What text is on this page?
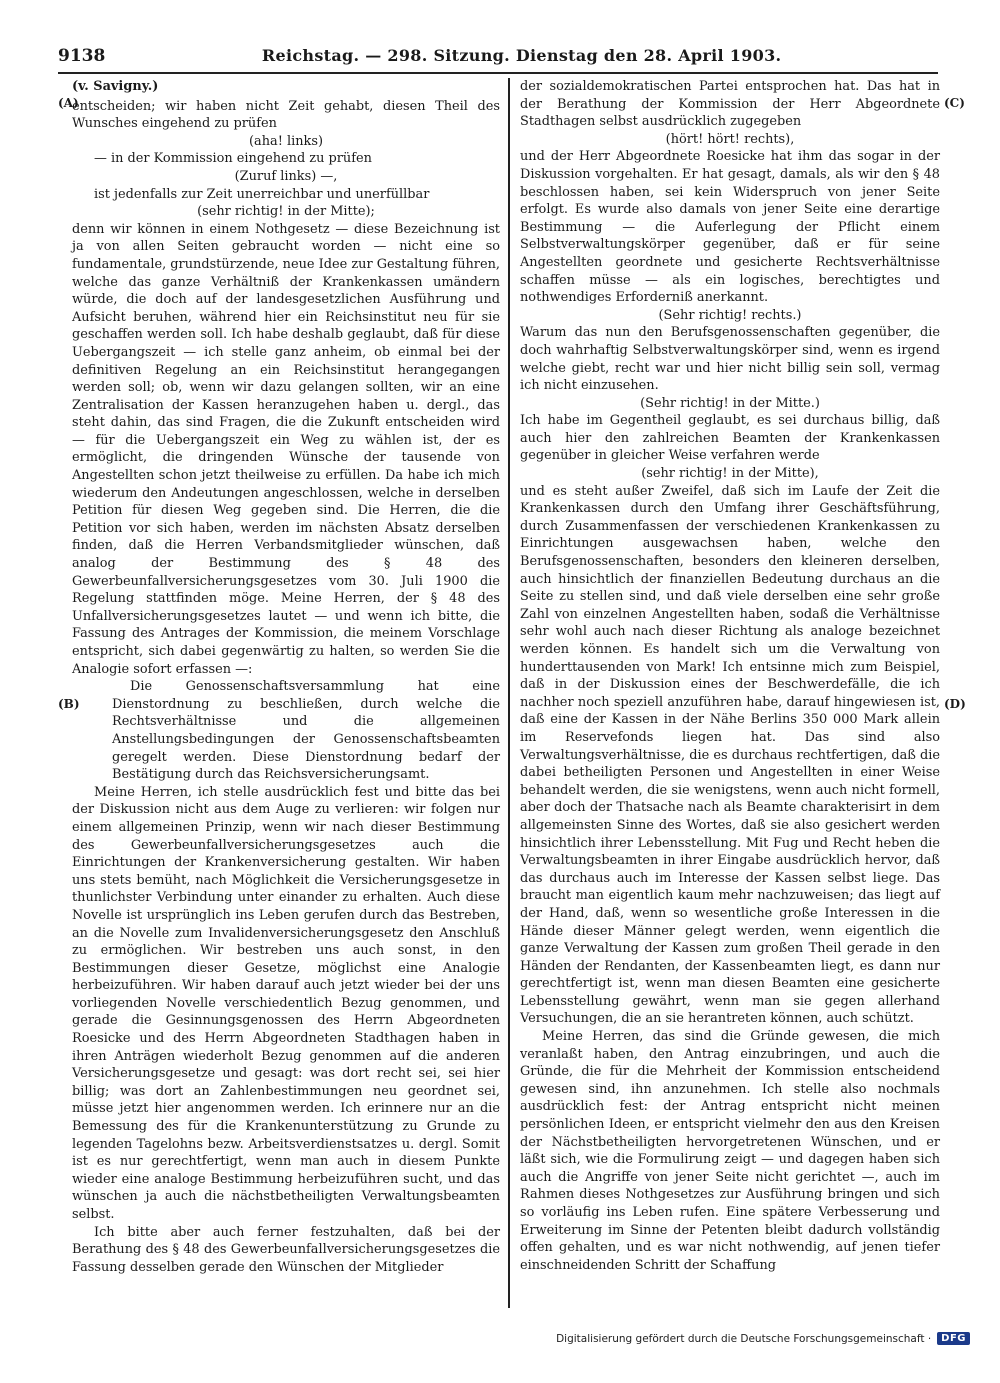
9138	Reichstag. — 298. Sitzung. Dienstag den 28. April 1903.
(A)
(B)
(C)
(D)

(v. Savigny.)

entscheiden; wir haben nicht Zeit gehabt, diesen Theil des Wunsches eingehend zu prüfen

(aha! links)

— in der Kommission eingehend zu prüfen

(Zuruf links) —,

ist jedenfalls zur Zeit unerreichbar und unerfüllbar

(sehr richtig! in der Mitte);

denn wir können in einem Nothgesetz — diese Bezeichnung ist ja von allen Seiten gebraucht worden — nicht eine so fundamentale, grundstürzende, neue Idee zur Gestaltung führen, welche das ganze Verhältniß der Krankenkassen umändern würde, die doch auf der landesgesetzlichen Ausführung und Aufsicht beruhen, während hier ein Reichsinstitut neu für sie geschaffen werden soll. Ich habe deshalb geglaubt, daß für diese Uebergangszeit — ich stelle ganz anheim, ob einmal bei der definitiven Regelung an ein Reichsinstitut herangegangen werden soll; ob, wenn wir dazu gelangen sollten, wir an eine Zentralisation der Kassen heranzugehen haben u. dergl., das steht dahin, das sind Fragen, die die Zukunft entscheiden wird — für die Uebergangszeit ein Weg zu wählen ist, der es ermöglicht, die dringenden Wünsche der tausende von Angestellten schon jetzt theilweise zu erfüllen. Da habe ich mich wiederum den Andeutungen angeschlossen, welche in derselben Petition für diesen Weg gegeben sind. Die Herren, die die Petition vor sich haben, werden im nächsten Absatz derselben finden, daß die Herren Verbandsmitglieder wünschen, daß analog der Bestimmung des § 48 des Gewerbeunfallversicherungsgesetzes vom 30. Juli 1900 die Regelung stattfinden möge. Meine Herren, der § 48 des Unfallversicherungsgesetzes lautet — und wenn ich bitte, die Fassung des Antrages der Kommission, die meinem Vorschlage entspricht, sich dabei gegenwärtig zu halten, so werden Sie die Analogie sofort erfassen —:

Die Genossenschaftsversammlung hat eine Dienstordnung zu beschließen, durch welche die Rechtsverhältnisse und die allgemeinen Anstellungsbedingungen der Genossenschaftsbeamten geregelt werden. Diese Dienstordnung bedarf der Bestätigung durch das Reichsversicherungsamt.

Meine Herren, ich stelle ausdrücklich fest und bitte das bei der Diskussion nicht aus dem Auge zu verlieren: wir folgen nur einem allgemeinen Prinzip, wenn wir nach dieser Bestimmung des Gewerbeunfallversicherungsgesetzes auch die Einrichtungen der Krankenversicherung gestalten. Wir haben uns stets bemüht, nach Möglichkeit die Versicherungsgesetze in thunlichster Verbindung unter einander zu erhalten. Auch diese Novelle ist ursprünglich ins Leben gerufen durch das Bestreben, an die Novelle zum Invalidenversicherungsgesetz den Anschluß zu ermöglichen. Wir bestreben uns auch sonst, in den Bestimmungen dieser Gesetze, möglichst eine Analogie herbeizuführen. Wir haben darauf auch jetzt wieder bei der uns vorliegenden Novelle verschiedentlich Bezug genommen, und gerade die Gesinnungsgenossen des Herrn Abgeordneten Roesicke und des Herrn Abgeordneten Stadthagen haben in ihren Anträgen wiederholt Bezug genommen auf die anderen Versicherungsgesetze und gesagt: was dort recht sei, sei hier billig; was dort an Zahlenbestimmungen neu geordnet sei, müsse jetzt hier angenommen werden. Ich erinnere nur an die Bemessung des für die Krankenunterstützung zu Grunde zu legenden Tagelohns bezw. Arbeitsverdienstsatzes u. dergl. Somit ist es nur gerechtfertigt, wenn man auch in diesem Punkte wieder eine analoge Bestimmung herbeizuführen sucht, und das wünschen ja auch die nächstbetheiligten Verwaltungsbeamten selbst.

Ich bitte aber auch ferner festzuhalten, daß bei der Berathung des § 48 des Gewerbeunfallversicherungsgesetzes die Fassung desselben gerade den Wünschen der Mitglieder

der sozialdemokratischen Partei entsprochen hat. Das hat in der Berathung der Kommission der Herr Abgeordnete Stadthagen selbst ausdrücklich zugegeben

(hört! hört! rechts),

und der Herr Abgeordnete Roesicke hat ihm das sogar in der Diskussion vorgehalten. Er hat gesagt, damals, als wir den § 48 beschlossen haben, sei kein Widerspruch von jener Seite erfolgt. Es wurde also damals von jener Seite eine derartige Bestimmung — die Auferlegung der Pflicht einem Selbstverwaltungskörper gegenüber, daß er für seine Angestellten geordnete und gesicherte Rechtsverhältnisse schaffen müsse — als ein logisches, berechtigtes und nothwendiges Erforderniß anerkannt.

(Sehr richtig! rechts.)

Warum das nun den Berufsgenossenschaften gegenüber, die doch wahrhaftig Selbstverwaltungskörper sind, wenn es irgend welche giebt, recht war und hier nicht billig sein soll, vermag ich nicht einzusehen.

(Sehr richtig! in der Mitte.)

Ich habe im Gegentheil geglaubt, es sei durchaus billig, daß auch hier den zahlreichen Beamten der Krankenkassen gegenüber in gleicher Weise verfahren werde

(sehr richtig! in der Mitte),

und es steht außer Zweifel, daß sich im Laufe der Zeit die Krankenkassen durch den Umfang ihrer Geschäftsführung, durch Zusammenfassen der verschiedenen Krankenkassen zu Einrichtungen ausgewachsen haben, welche den Berufsgenossenschaften, besonders den kleineren derselben, auch hinsichtlich der finanziellen Bedeutung durchaus an die Seite zu stellen sind, und daß viele derselben eine sehr große Zahl von einzelnen Angestellten haben, sodaß die Verhältnisse sehr wohl auch nach dieser Richtung als analoge bezeichnet werden können. Es handelt sich um die Verwaltung von hunderttausenden von Mark! Ich entsinne mich zum Beispiel, daß in der Diskussion eines der Beschwerdefälle, die ich nachher noch speziell anzuführen habe, darauf hingewiesen ist, daß eine der Kassen in der Nähe Berlins 350 000 Mark allein im Reservefonds liegen hat. Das sind also Verwaltungsverhältnisse, die es durchaus rechtfertigen, daß die dabei betheiligten Personen und Angestellten in einer Weise behandelt werden, die sie wenigstens, wenn auch nicht formell, aber doch der Thatsache nach als Beamte charakterisirt in dem allgemeinsten Sinne des Wortes, daß sie also gesichert werden hinsichtlich ihrer Lebensstellung. Mit Fug und Recht heben die Verwaltungsbeamten in ihrer Eingabe ausdrücklich hervor, daß das durchaus auch im Interesse der Kassen selbst liege. Das braucht man eigentlich kaum mehr nachzuweisen; das liegt auf der Hand, daß, wenn so wesentliche große Interessen in die Hände dieser Männer gelegt werden, wenn eigentlich die ganze Verwaltung der Kassen zum großen Theil gerade in den Händen der Rendanten, der Kassenbeamten liegt, es dann nur gerechtfertigt ist, wenn man diesen Beamten eine gesicherte Lebensstellung gewährt, wenn man sie gegen allerhand Versuchungen, die an sie herantreten können, auch schützt.

Meine Herren, das sind die Gründe gewesen, die mich veranlaßt haben, den Antrag einzubringen, und auch die Gründe, die für die Mehrheit der Kommission entscheidend gewesen sind, ihn anzunehmen. Ich stelle also nochmals ausdrücklich fest: der Antrag entspricht nicht meinen persönlichen Ideen, er entspricht vielmehr den aus den Kreisen der Nächstbetheiligten hervorgetretenen Wünschen, und er läßt sich, wie die Formulirung zeigt — und dagegen haben sich auch die Angriffe von jener Seite nicht gerichtet —, auch im Rahmen dieses Nothgesetzes zur Ausführung bringen und sich so vorläufig ins Leben rufen. Eine spätere Verbesserung und Erweiterung im Sinne der Petenten bleibt dadurch vollständig offen gehalten, und es war nicht nothwendig, auf jenen tiefer einschneidenden Schritt der Schaffung

Digitalisierung gefördert durch die Deutsche Forschungsgemeinschaft ·	DFG
